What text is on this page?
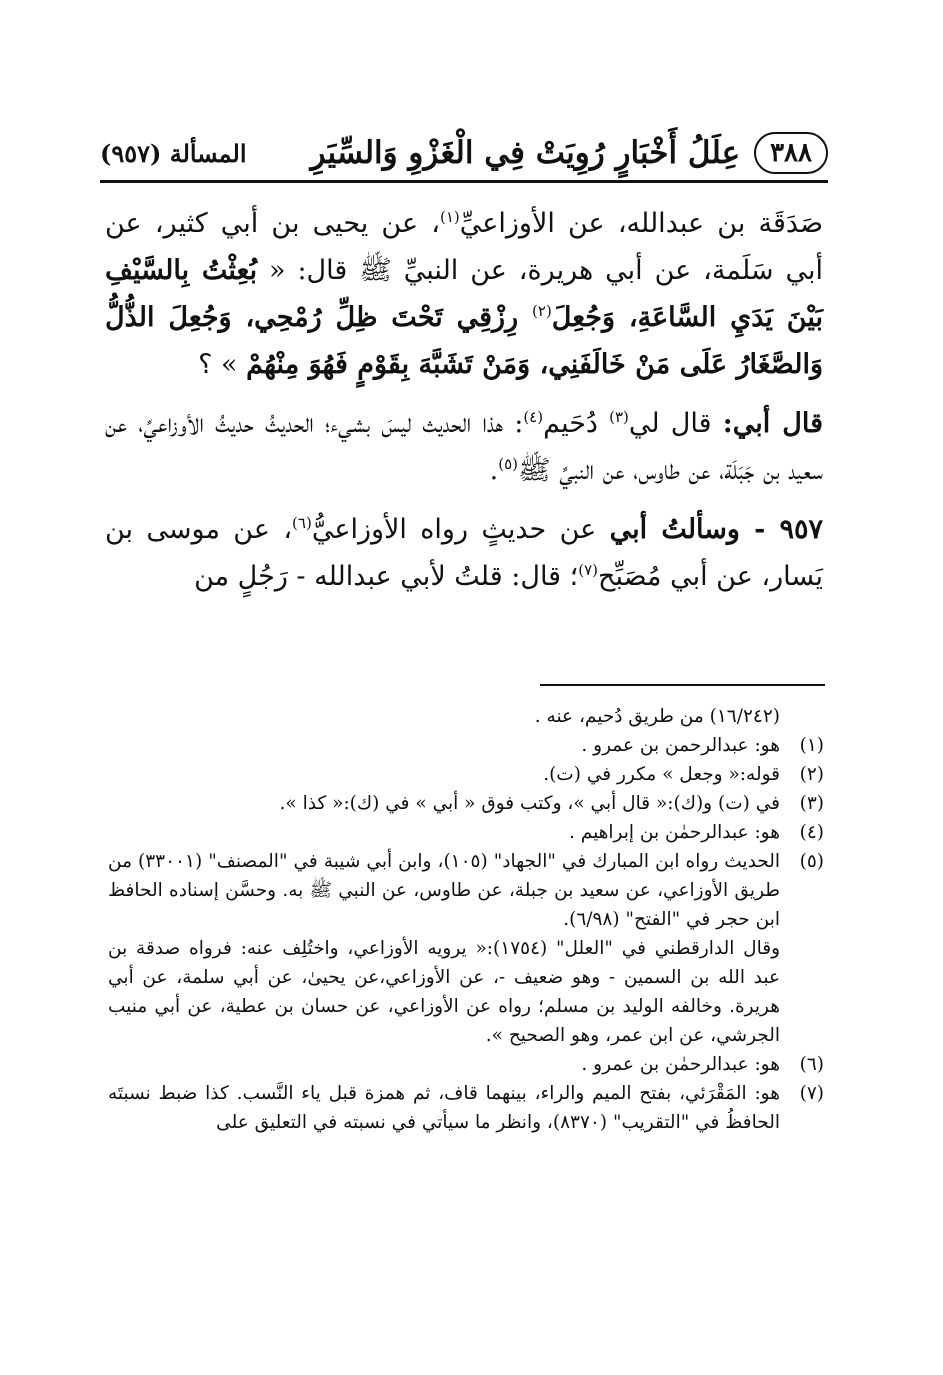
٣٨٨
عِلَلُ أَخْبَارٍ رُوِيَتْ فِي الْغَزْوِ وَالسِّيَرِ
المسألة (٩٥٧)

صَدَقَة بن عبدالله، عن الأوزاعيِّ$^{(١)}$، عن يحيى بن أبي كثير، عن أبي سَلَمة، عن أبي هريرة، عن النبيِّ ﷺ قال: « بُعِثْتُ بِالسَّيْفِ بَيْنَ يَدَيِ السَّاعَةِ، وَجُعِلَ$^{(٢)}$ رِزْقِي تَحْتَ ظِلِّ رُمْحِي، وَجُعِلَ الذُّلُّ وَالصَّغَارُ عَلَى مَنْ خَالَفَنِي، وَمَنْ تَشَبَّهَ بِقَوْمٍ فَهُوَ مِنْهُمْ » ؟

قال أبي: قال لي$^{(٣)}$ دُحَيم$^{(٤)}$: هذا الحديث ليسَ بشيء؛ الحديثُ حديثُ الأوزاعيِّ، عن سعيد بن جَبَلَة، عن طاوس، عن النبيِّ ﷺ$^{(٥)}$.

٩٥٧ - وسألتُ أبي عن حديثٍ رواه الأوزاعيُّ$^{(٦)}$، عن موسى بن يَسار، عن أبي مُصَبِّح$^{(٧)}$؛ قال: قلتُ لأبي عبدالله - رَجُلٍ من

(١٦/٢٤٢) من طريق دُحيم، عنه .
(١)
هو: عبدالرحمن بن عمرو .
(٢)
قوله:« وجعل » مكرر في (ت).
(٣)
في (ت) و(ك):« قال أبي »، وكتب فوق « أبي » في (ك):« كذا ».
(٤)
هو: عبدالرحمٰن بن إبراهيم .
(٥)
الحديث رواه ابن المبارك في "الجهاد" (١٠٥)، وابن أبي شيبة في "المصنف" (٣٣٠٠١) من طريق الأوزاعي، عن سعيد بن جبلة، عن طاوس، عن النبي ﷺ به. وحسَّن إسناده الحافظ ابن حجر في "الفتح" (٦/٩٨).
وقال الدارقطني في "العلل" (١٧٥٤):« يرويه الأوزاعي، واختُلِف عنه: فرواه صدقة بن عبد الله بن السمين - وهو ضعيف -، عن الأوزاعي،عن يحيىٰ، عن أبي سلمة، عن أبي هريرة. وخالفه الوليد بن مسلم؛ رواه عن الأوزاعي، عن حسان بن عطية، عن أبي منيب الجرشي، عن ابن عمر، وهو الصحيح ».
(٦)
هو: عبدالرحمٰن بن عمرو .
(٧)
هو: المَقْرَئي، بفتح الميم والراء، بينهما قاف، ثم همزة قبل ياء النَّسب. كذا ضبط نسبتَه الحافظُ في "التقريب" (٨٣٧٠)، وانظر ما سيأتي في نسبته في التعليق على
